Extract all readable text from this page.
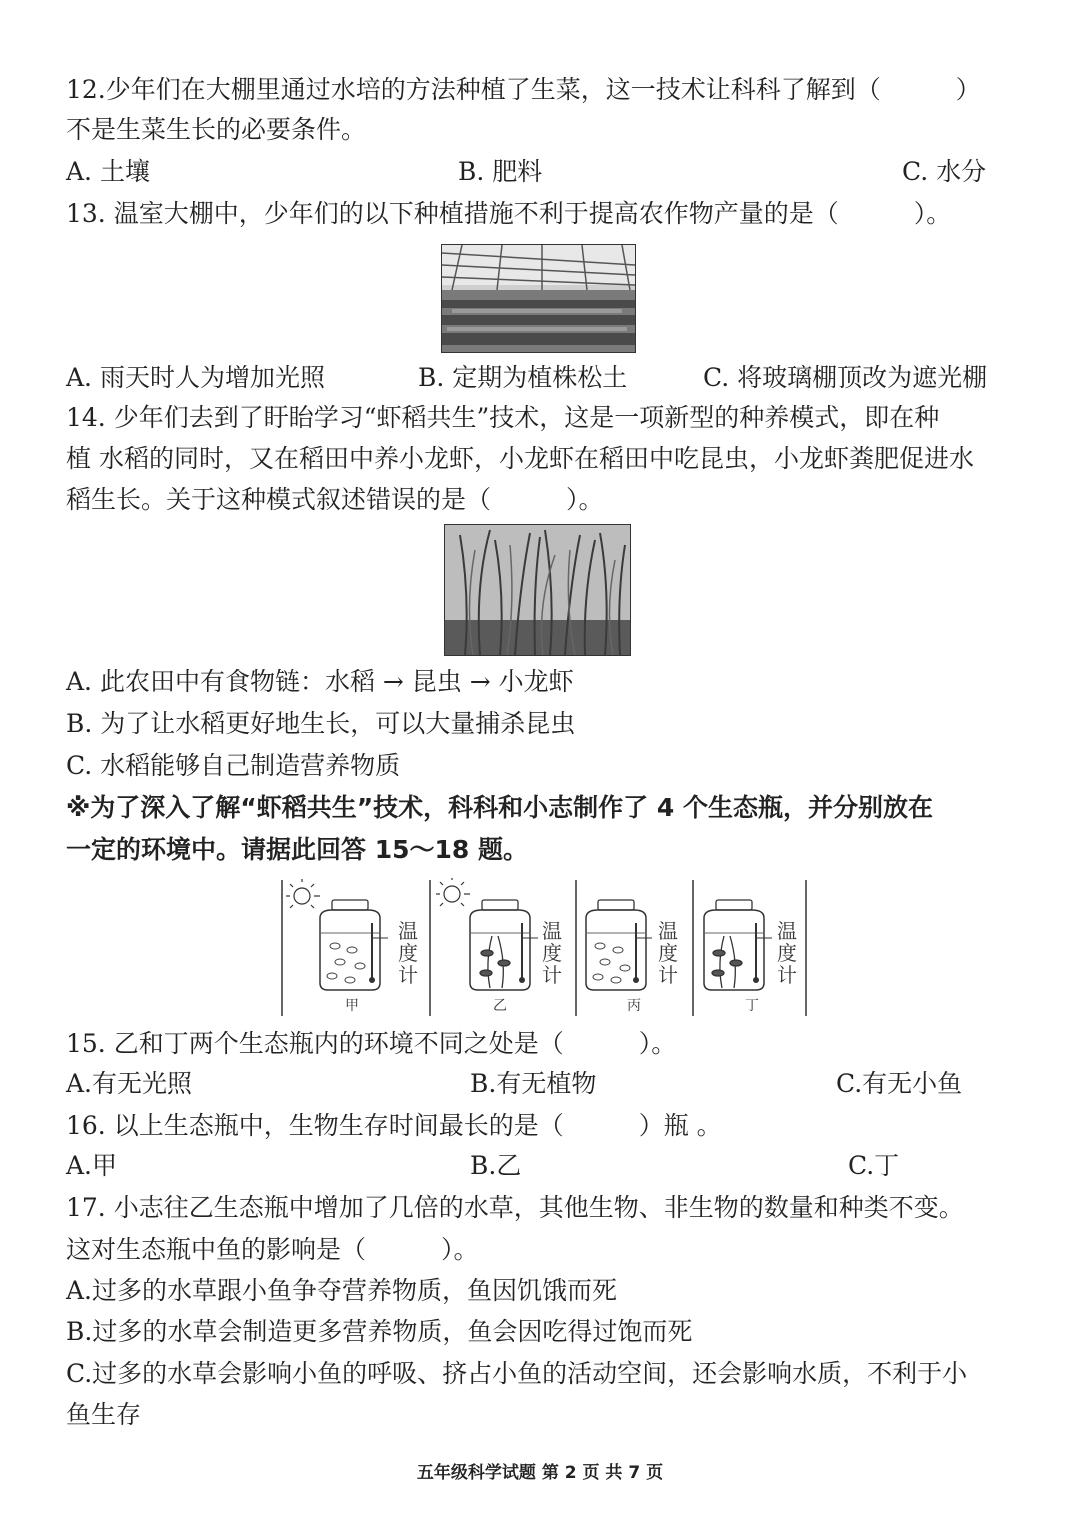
12.少年们在大棚里通过水培的方法种植了生菜，这一技术让科科了解到（　　　）
不是生菜生长的必要条件。
A. 土壤	B. 肥料	C. 水分
13. 温室大棚中，少年们的以下种植措施不利于提高农作物产量的是（　　　）。
A. 雨天时人为增加光照	B. 定期为植株松土	C. 将玻璃棚顶改为遮光棚
14. 少年们去到了盱眙学习“虾稻共生”技术，这是一项新型的种养模式，即在种
植 水稻的同时，又在稻田中养小龙虾，小龙虾在稻田中吃昆虫，小龙虾粪肥促进水
稻生长。关于这种模式叙述错误的是（　　　）。
A. 此农田中有食物链：水稻 → 昆虫 → 小龙虾
B. 为了让水稻更好地生长，可以大量捕杀昆虫
C. 水稻能够自己制造营养物质
※为了深入了解“虾稻共生”技术，科科和小志制作了 4 个生态瓶，并分别放在
一定的环境中。请据此回答 15～18 题。
温
度
计
温
度
计
温
度
计
温
度
计
甲	乙	丙	丁
15. 乙和丁两个生态瓶内的环境不同之处是（　　　）。
A.有无光照	B.有无植物	C.有无小鱼
16. 以上生态瓶中，生物生存时间最长的是（　　　）瓶 。
A.甲	B.乙	C.丁
17. 小志往乙生态瓶中增加了几倍的水草，其他生物、非生物的数量和种类不变。
这对生态瓶中鱼的影响是（　　　）。
A.过多的水草跟小鱼争夺营养物质，鱼因饥饿而死
B.过多的水草会制造更多营养物质，鱼会因吃得过饱而死
C.过多的水草会影响小鱼的呼吸、挤占小鱼的活动空间，还会影响水质，不利于小
鱼生存
五年级科学试题 第 2 页 共 7 页
